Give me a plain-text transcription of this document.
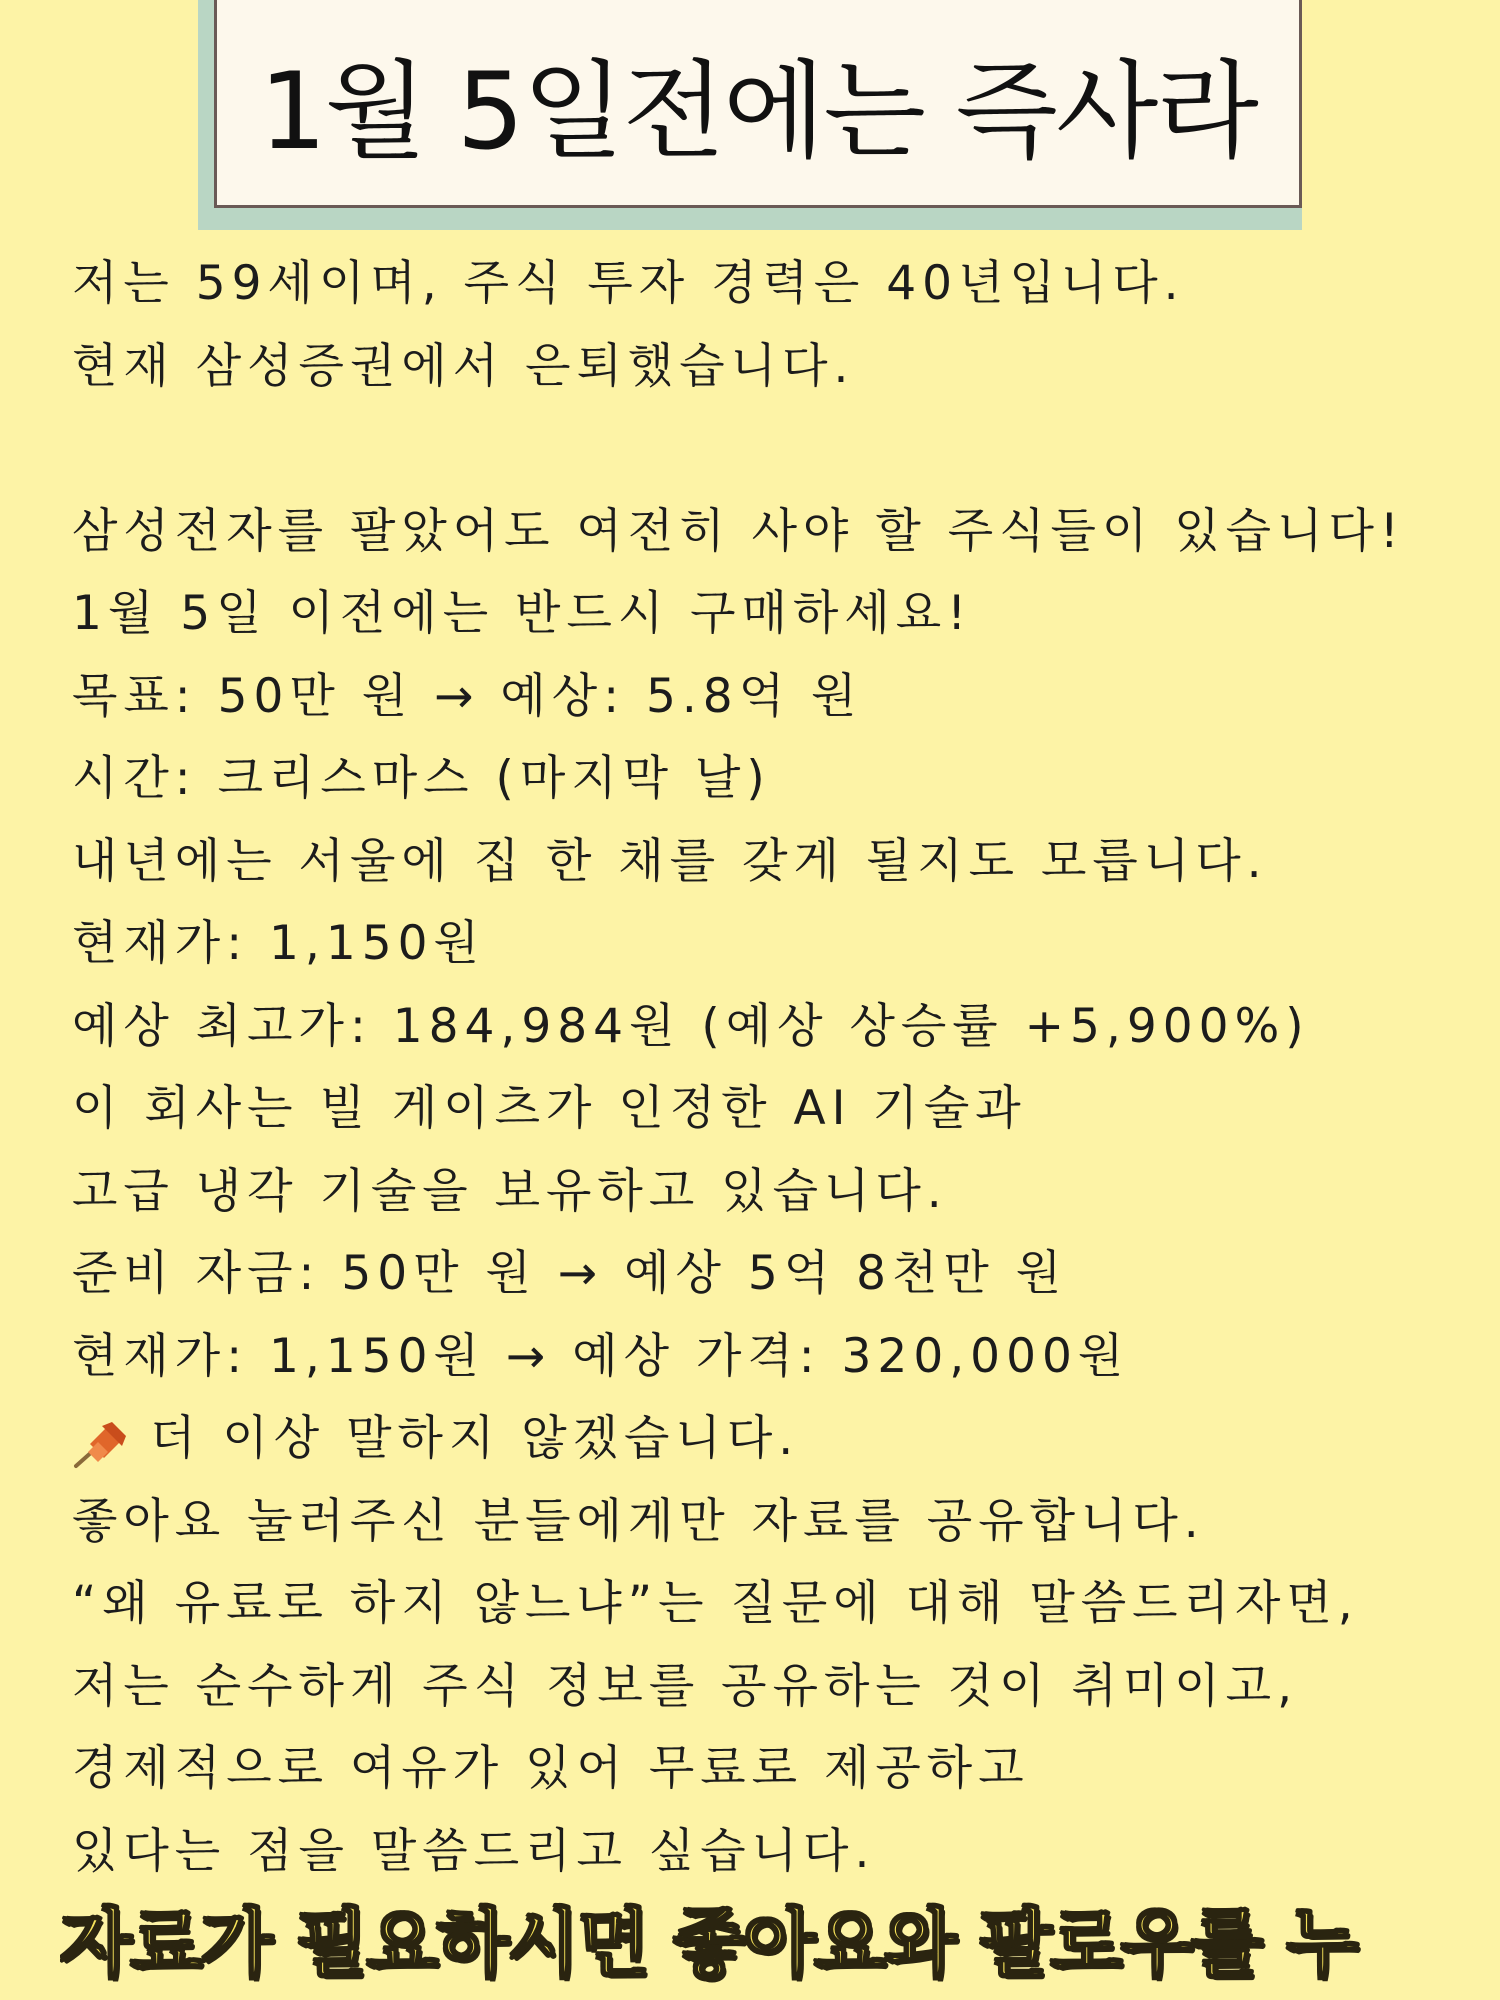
1월 5일전에는 즉사라
저는 59세이며, 주식 투자 경력은 40년입니다.
현재 삼성증권에서 은퇴했습니다.
삼성전자를 팔았어도 여전히 사야 할 주식들이 있습니다!
1월 5일 이전에는 반드시 구매하세요!
목표: 50만 원 → 예상: 5.8억 원
시간: 크리스마스 (마지막 날)
내년에는 서울에 집 한 채를 갖게 될지도 모릅니다.
현재가: 1,150원
예상 최고가: 184,984원 (예상 상승률 +5,900%)
이 회사는 빌 게이츠가 인정한 AI 기술과
고급 냉각 기술을 보유하고 있습니다.
준비 자금: 50만 원 → 예상 5억 8천만 원
현재가: 1,150원 → 예상 가격: 320,000원
더 이상 말하지 않겠습니다.
좋아요 눌러주신 분들에게만 자료를 공유합니다.
“왜 유료로 하지 않느냐”는 질문에 대해 말씀드리자면,
저는 순수하게 주식 정보를 공유하는 것이 취미이고,
경제적으로 여유가 있어 무료로 제공하고
있다는 점을 말씀드리고 싶습니다.
자료가 필요하시면 좋아요와 팔로우를 누
